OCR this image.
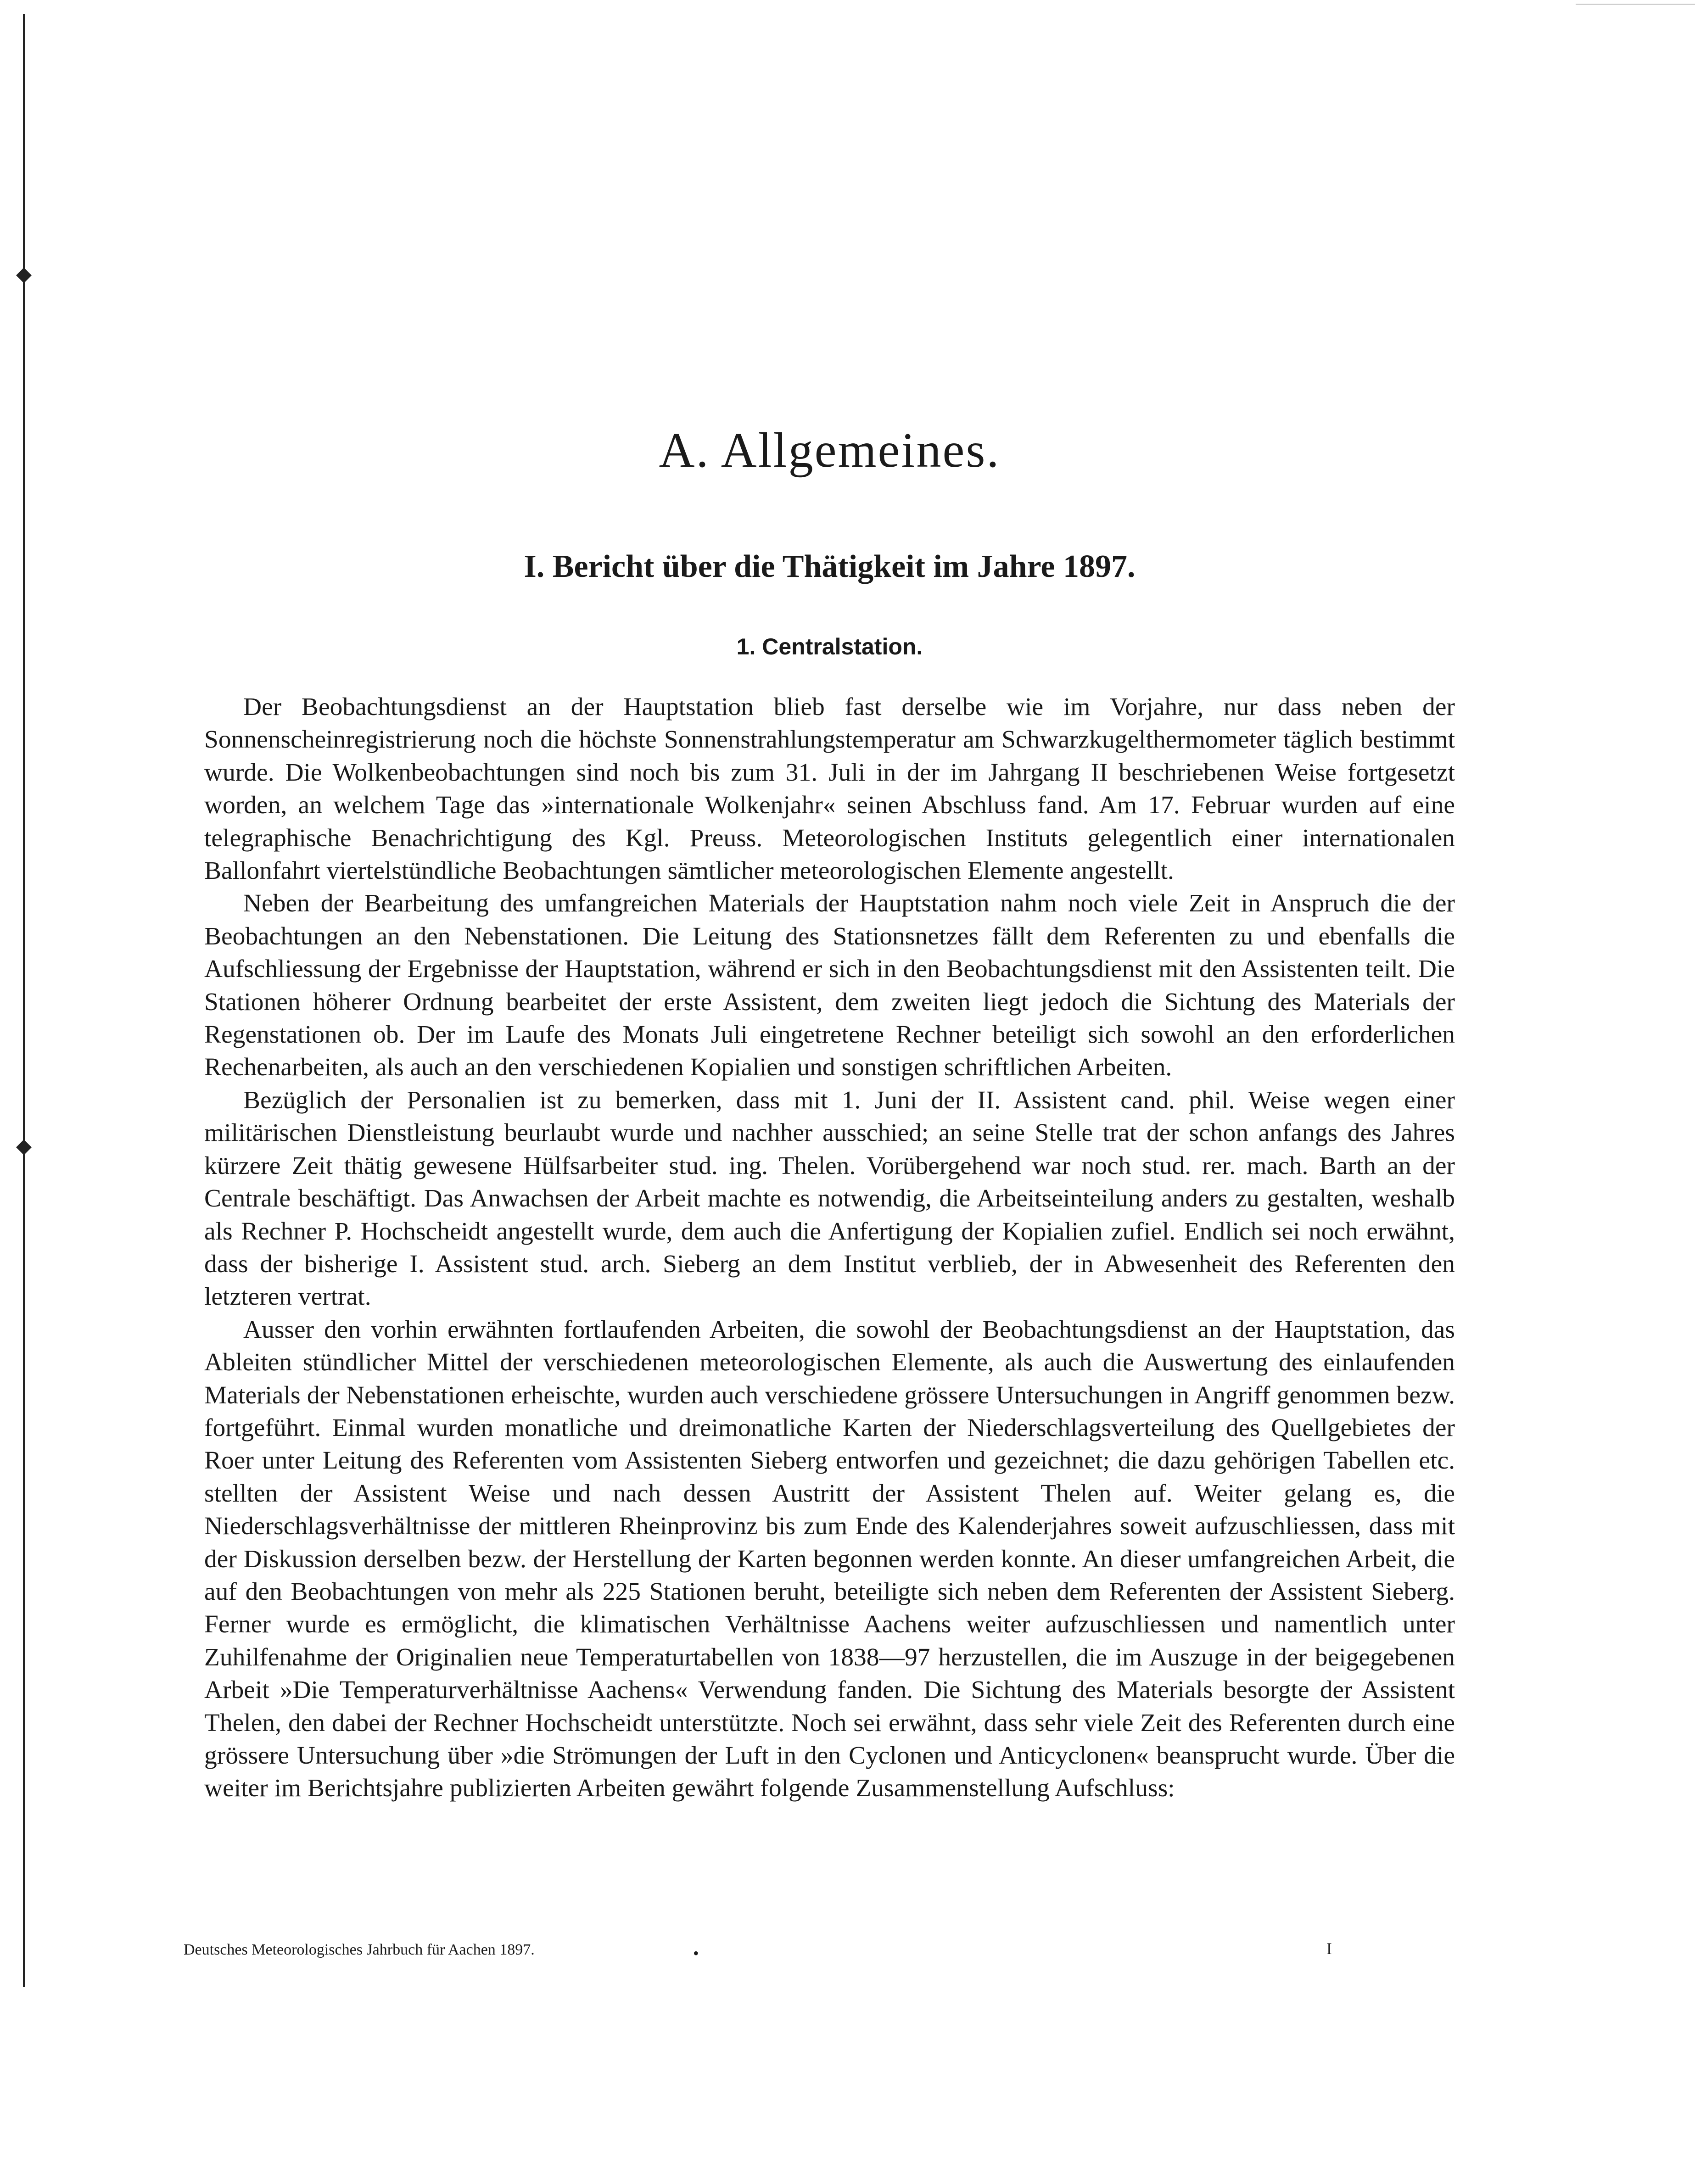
A. Allgemeines.
I. Bericht über die Thätigkeit im Jahre 1897.
1. Centralstation.

Der Beobachtungsdienst an der Hauptstation blieb fast derselbe wie im Vorjahre, nur dass neben der Sonnenscheinregistrierung noch die höchste Sonnenstrahlungstemperatur am Schwarzkugelthermometer täglich bestimmt wurde. Die Wolkenbeobachtungen sind noch bis zum 31. Juli in der im Jahrgang II beschriebenen Weise fortgesetzt worden, an welchem Tage das »internationale Wolkenjahr« seinen Abschluss fand. Am 17. Februar wurden auf eine telegraphische Benachrichtigung des Kgl. Preuss. Meteorologischen Instituts gelegentlich einer internationalen Ballonfahrt viertelstündliche Beobachtungen sämtlicher meteorologischen Elemente angestellt.

Neben der Bearbeitung des umfangreichen Materials der Hauptstation nahm noch viele Zeit in Anspruch die der Beobachtungen an den Nebenstationen. Die Leitung des Stationsnetzes fällt dem Referenten zu und ebenfalls die Aufschliessung der Ergebnisse der Hauptstation, während er sich in den Beobachtungsdienst mit den Assistenten teilt. Die Stationen höherer Ordnung bearbeitet der erste Assistent, dem zweiten liegt jedoch die Sichtung des Materials der Regenstationen ob. Der im Laufe des Monats Juli eingetretene Rechner beteiligt sich sowohl an den erforderlichen Rechenarbeiten, als auch an den verschiedenen Kopialien und sonstigen schriftlichen Arbeiten.

Bezüglich der Personalien ist zu bemerken, dass mit 1. Juni der II. Assistent cand. phil. Weise wegen einer militärischen Dienstleistung beurlaubt wurde und nachher ausschied; an seine Stelle trat der schon anfangs des Jahres kürzere Zeit thätig gewesene Hülfsarbeiter stud. ing. Thelen. Vorübergehend war noch stud. rer. mach. Barth an der Centrale beschäftigt. Das Anwachsen der Arbeit machte es notwendig, die Arbeitseinteilung anders zu gestalten, weshalb als Rechner P. Hochscheidt angestellt wurde, dem auch die Anfertigung der Kopialien zufiel. Endlich sei noch erwähnt, dass der bisherige I. Assistent stud. arch. Sieberg an dem Institut verblieb, der in Abwesenheit des Referenten den letzteren vertrat.

Ausser den vorhin erwähnten fortlaufenden Arbeiten, die sowohl der Beobachtungsdienst an der Hauptstation, das Ableiten stündlicher Mittel der verschiedenen meteorologischen Elemente, als auch die Auswertung des einlaufenden Materials der Nebenstationen erheischte, wurden auch verschiedene grössere Untersuchungen in Angriff genommen bezw. fortgeführt. Einmal wurden monatliche und dreimonatliche Karten der Niederschlagsverteilung des Quellgebietes der Roer unter Leitung des Referenten vom Assistenten Sieberg entworfen und gezeichnet; die dazu gehörigen Tabellen etc. stellten der Assistent Weise und nach dessen Austritt der Assistent Thelen auf. Weiter gelang es, die Niederschlagsverhältnisse der mittleren Rheinprovinz bis zum Ende des Kalenderjahres soweit aufzuschliessen, dass mit der Diskussion derselben bezw. der Herstellung der Karten begonnen werden konnte. An dieser umfangreichen Arbeit, die auf den Beobachtungen von mehr als 225 Stationen beruht, beteiligte sich neben dem Referenten der Assistent Sieberg. Ferner wurde es ermöglicht, die klimatischen Verhältnisse Aachens weiter aufzuschliessen und namentlich unter Zuhilfenahme der Originalien neue Temperaturtabellen von 1838—97 herzustellen, die im Auszuge in der beigegebenen Arbeit »Die Temperaturverhältnisse Aachens« Verwendung fanden. Die Sichtung des Materials besorgte der Assistent Thelen, den dabei der Rechner Hochscheidt unterstützte. Noch sei erwähnt, dass sehr viele Zeit des Referenten durch eine grössere Untersuchung über »die Strömungen der Luft in den Cyclonen und Anticyclonen« beansprucht wurde. Über die weiter im Berichtsjahre publizierten Arbeiten gewährt folgende Zusammenstellung Aufschluss:

Deutsches Meteorologisches Jahrbuch für Aachen 1897.	•	I
